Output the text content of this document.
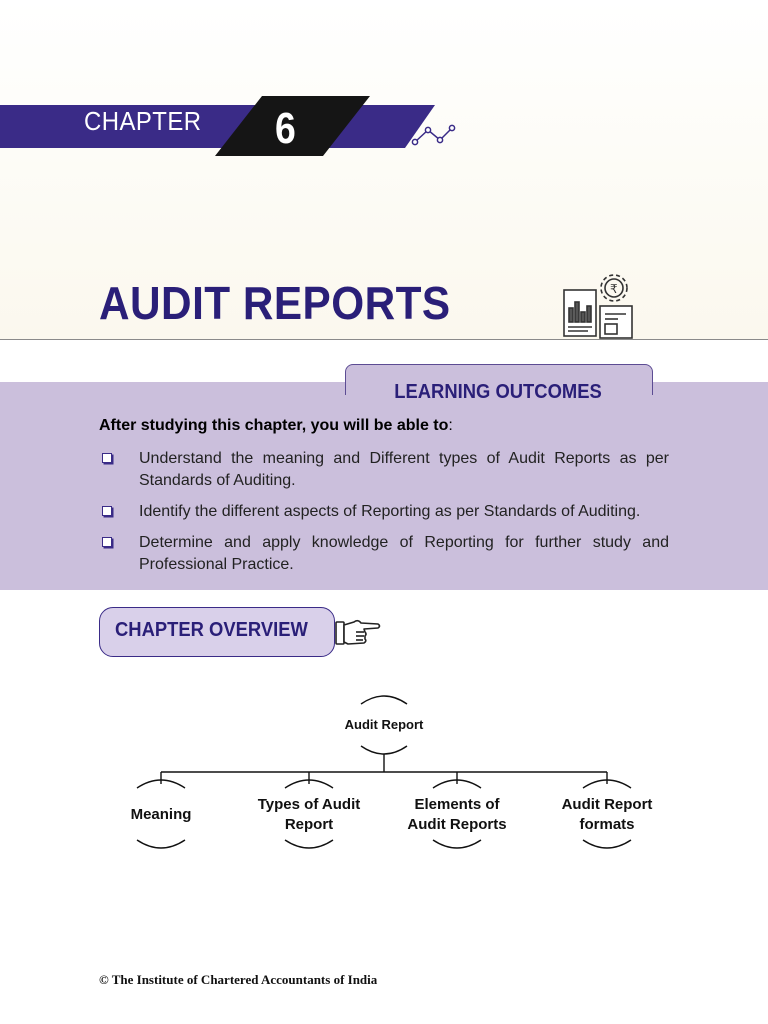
CHAPTER 6
AUDIT REPORTS	₹
LEARNING OUTCOMES
After studying this chapter, you will be able to:
Understand the meaning and Different types of Audit Reports as per Standards of Auditing.
Identify the different aspects of Reporting as per Standards of Auditing.
Determine and apply knowledge of Reporting for further study and Professional Practice.
CHAPTER OVERVIEW
Audit Report
Meaning
Types of Audit
Report
Elements of
Audit Reports
Audit Report
formats
© The Institute of Chartered Accountants of India
